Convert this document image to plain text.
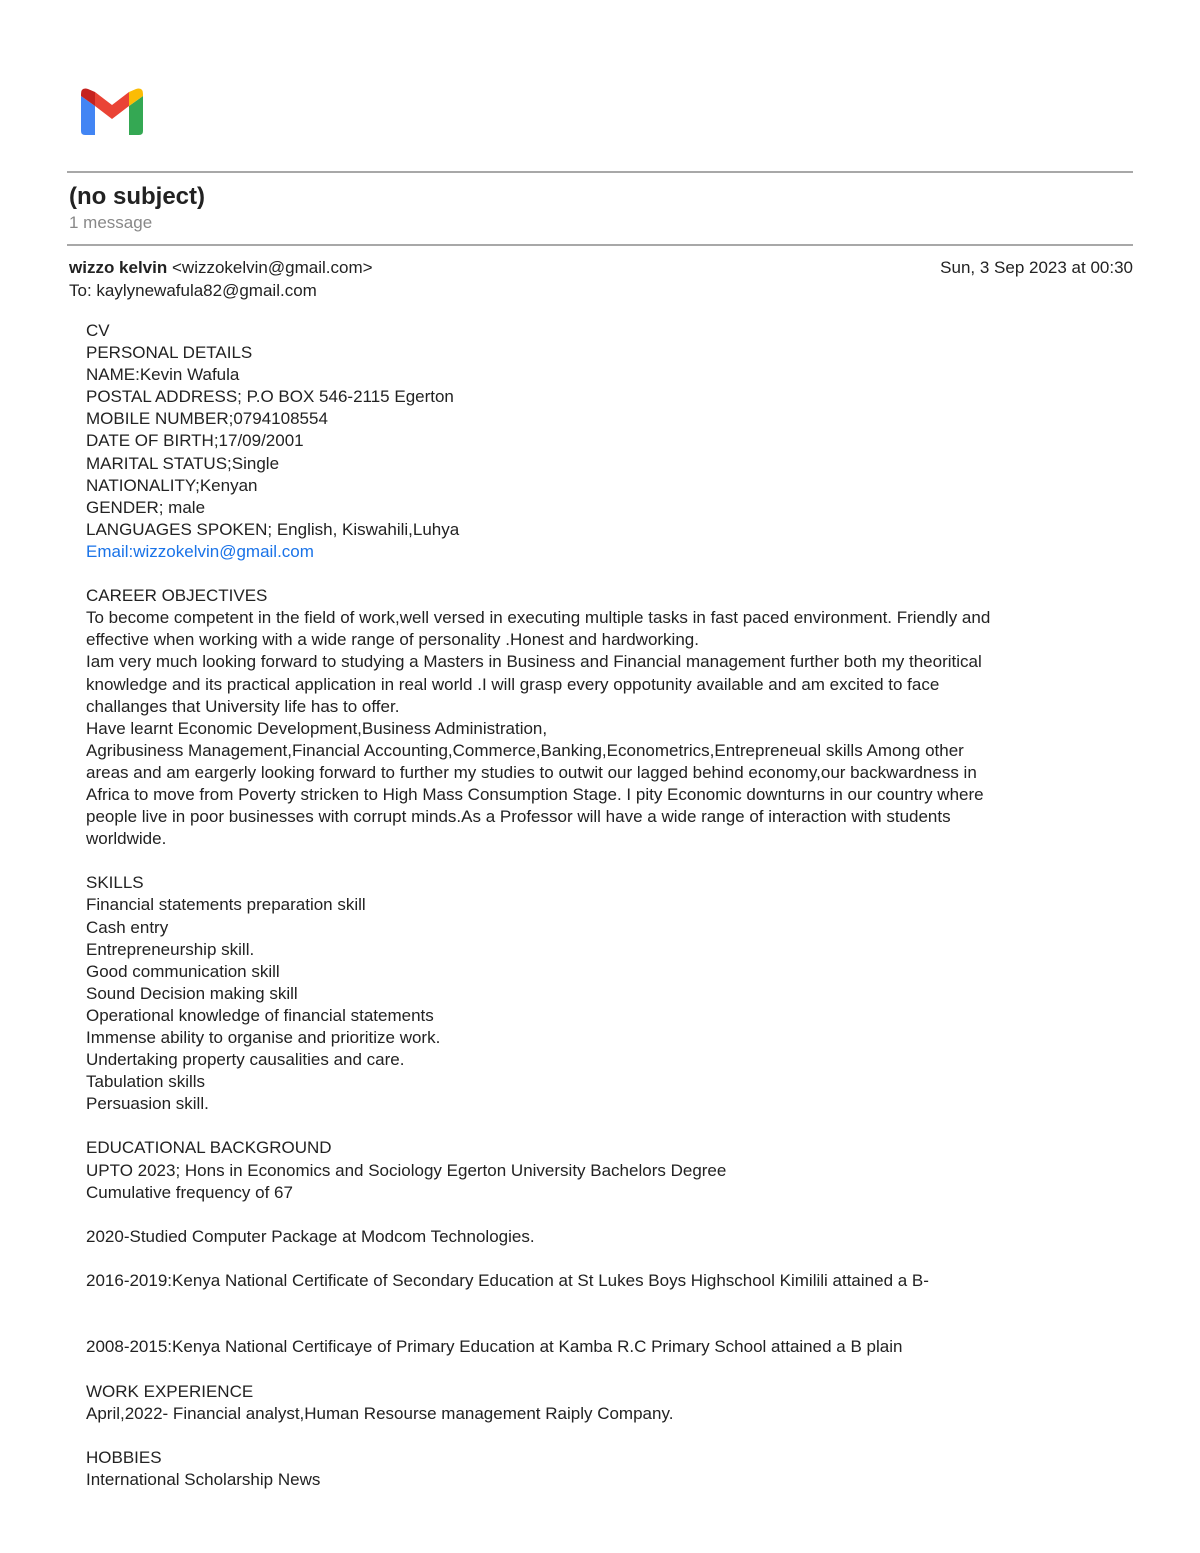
(no subject)
1 message
wizzo kelvin <wizzokelvin@gmail.com>	Sun, 3 Sep 2023 at 00:30
To: kaylynewafula82@gmail.com
CV
PERSONAL DETAILS
NAME:Kevin Wafula
POSTAL ADDRESS; P.O BOX 546-2115 Egerton
MOBILE NUMBER;0794108554
DATE OF BIRTH;17/09/2001
MARITAL STATUS;Single
NATIONALITY;Kenyan
GENDER; male
LANGUAGES SPOKEN; English, Kiswahili,Luhya
Email:wizzokelvin@gmail.com
CAREER OBJECTIVES
To become competent in the field of work,well versed in executing multiple tasks in fast paced environment. Friendly and
effective when working with a wide range of personality .Honest and hardworking.
Iam very much looking forward to studying a Masters in Business and Financial management further both my theoritical
knowledge and its practical application in real world .I will grasp every oppotunity available and am excited to face
challanges that University life has to offer.
Have learnt Economic Development,Business Administration,
Agribusiness Management,Financial Accounting,Commerce,Banking,Econometrics,Entrepreneual skills Among other
areas and am eargerly looking forward to further my studies to outwit our lagged behind economy,our backwardness in
Africa to move from Poverty stricken to High Mass Consumption Stage. I pity Economic downturns in our country where
people live in poor businesses with corrupt minds.As a Professor will have a wide range of interaction with students
worldwide.
SKILLS
Financial statements preparation skill
Cash entry
Entrepreneurship skill.
Good communication skill
Sound Decision making skill
Operational knowledge of financial statements
Immense ability to organise and prioritize work.
Undertaking property causalities and care.
Tabulation skills
Persuasion skill.
EDUCATIONAL BACKGROUND
UPTO 2023; Hons in Economics and Sociology Egerton University Bachelors Degree
Cumulative frequency of 67
2020-Studied Computer Package at Modcom Technologies.
2016-2019:Kenya National Certificate of Secondary Education at St Lukes Boys Highschool Kimilili attained a B-
2008-2015:Kenya National Certificaye of Primary Education at Kamba R.C Primary School attained a B plain
WORK EXPERIENCE
April,2022- Financial analyst,Human Resourse management Raiply Company.
HOBBIES
International Scholarship News
